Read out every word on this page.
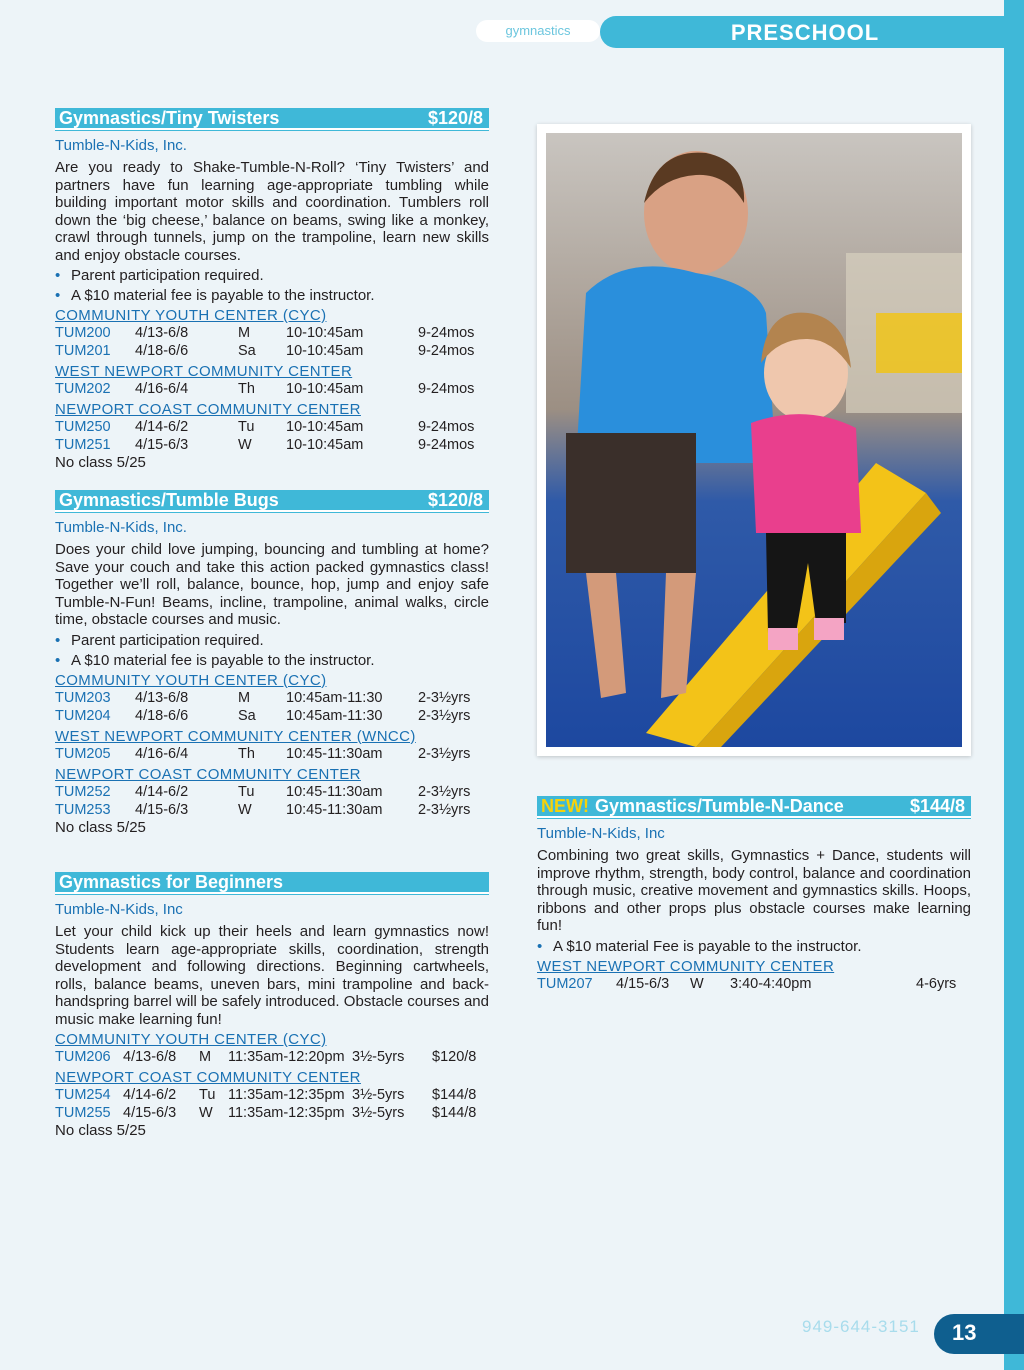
gymnastics	PRESCHOOL
Gymnastics/Tiny Twisters	$120/8
Tumble-N-Kids, Inc.
Are you ready to Shake-Tumble-N-Roll? ‘Tiny Twisters’ and partners have fun learning age-appropriate tumbling while building important motor skills and coordination. Tumblers roll down the ‘big cheese,’ balance on beams, swing like a monkey, crawl through tunnels, jump on the trampoline, learn new skills and enjoy obstacle courses.
• Parent participation required.
• A $10 material fee is payable to the instructor.
COMMUNITY YOUTH CENTER (CYC)
TUM200	4/13-6/8	M	10-10:45am	9-24mos
TUM201	4/18-6/6	Sa	10-10:45am	9-24mos
WEST NEWPORT COMMUNITY CENTER
TUM202	4/16-6/4	Th	10-10:45am	9-24mos
NEWPORT COAST COMMUNITY CENTER
TUM250	4/14-6/2	Tu	10-10:45am	9-24mos
TUM251	4/15-6/3	W	10-10:45am	9-24mos
No class 5/25
Gymnastics/Tumble Bugs	$120/8
Tumble-N-Kids, Inc.
Does your child love jumping, bouncing and tumbling at home? Save your couch and take this action packed gymnastics class! Together we’ll roll, balance, bounce, hop, jump and enjoy safe Tumble-N-Fun! Beams, incline, trampoline, animal walks, circle time, obstacle courses and music.
• Parent participation required.
• A $10 material fee is payable to the instructor.
COMMUNITY YOUTH CENTER (CYC)
TUM203	4/13-6/8	M	10:45am-11:30	2-3½yrs
TUM204	4/18-6/6	Sa	10:45am-11:30	2-3½yrs
WEST NEWPORT COMMUNITY CENTER (WNCC)
TUM205	4/16-6/4	Th	10:45-11:30am	2-3½yrs
NEWPORT COAST COMMUNITY CENTER
TUM252	4/14-6/2	Tu	10:45-11:30am	2-3½yrs
TUM253	4/15-6/3	W	10:45-11:30am	2-3½yrs
No class 5/25
Gymnastics for Beginners
Tumble-N-Kids, Inc
Let your child kick up their heels and learn gymnastics now! Students learn age-appropriate skills, coordination, strength development and following directions. Beginning cartwheels, rolls, balance beams, uneven bars, mini trampoline and back-handspring barrel will be safely introduced. Obstacle courses and music make learning fun!
COMMUNITY YOUTH CENTER (CYC)
TUM206 4/13-6/8	M	11:35am-12:20pm 3½-5yrs	$120/8
NEWPORT COAST COMMUNITY CENTER
TUM254 4/14-6/2	Tu 11:35am-12:35pm 3½-5yrs	$144/8
TUM255 4/15-6/3	W	11:35am-12:35pm 3½-5yrs	$144/8
No class 5/25
NEW! Gymnastics/Tumble-N-Dance	$144/8
Tumble-N-Kids, Inc
Combining two great skills, Gymnastics + Dance, students will improve rhythm, strength, body control, balance and coordination through music, creative movement and gymnastics skills. Hoops, ribbons and other props plus obstacle courses make learning fun!
• A $10 material Fee is payable to the instructor.
WEST NEWPORT COMMUNITY CENTER
TUM207	4/15-6/3	W	3:40-4:40pm	4-6yrs
949-644-3151	13
